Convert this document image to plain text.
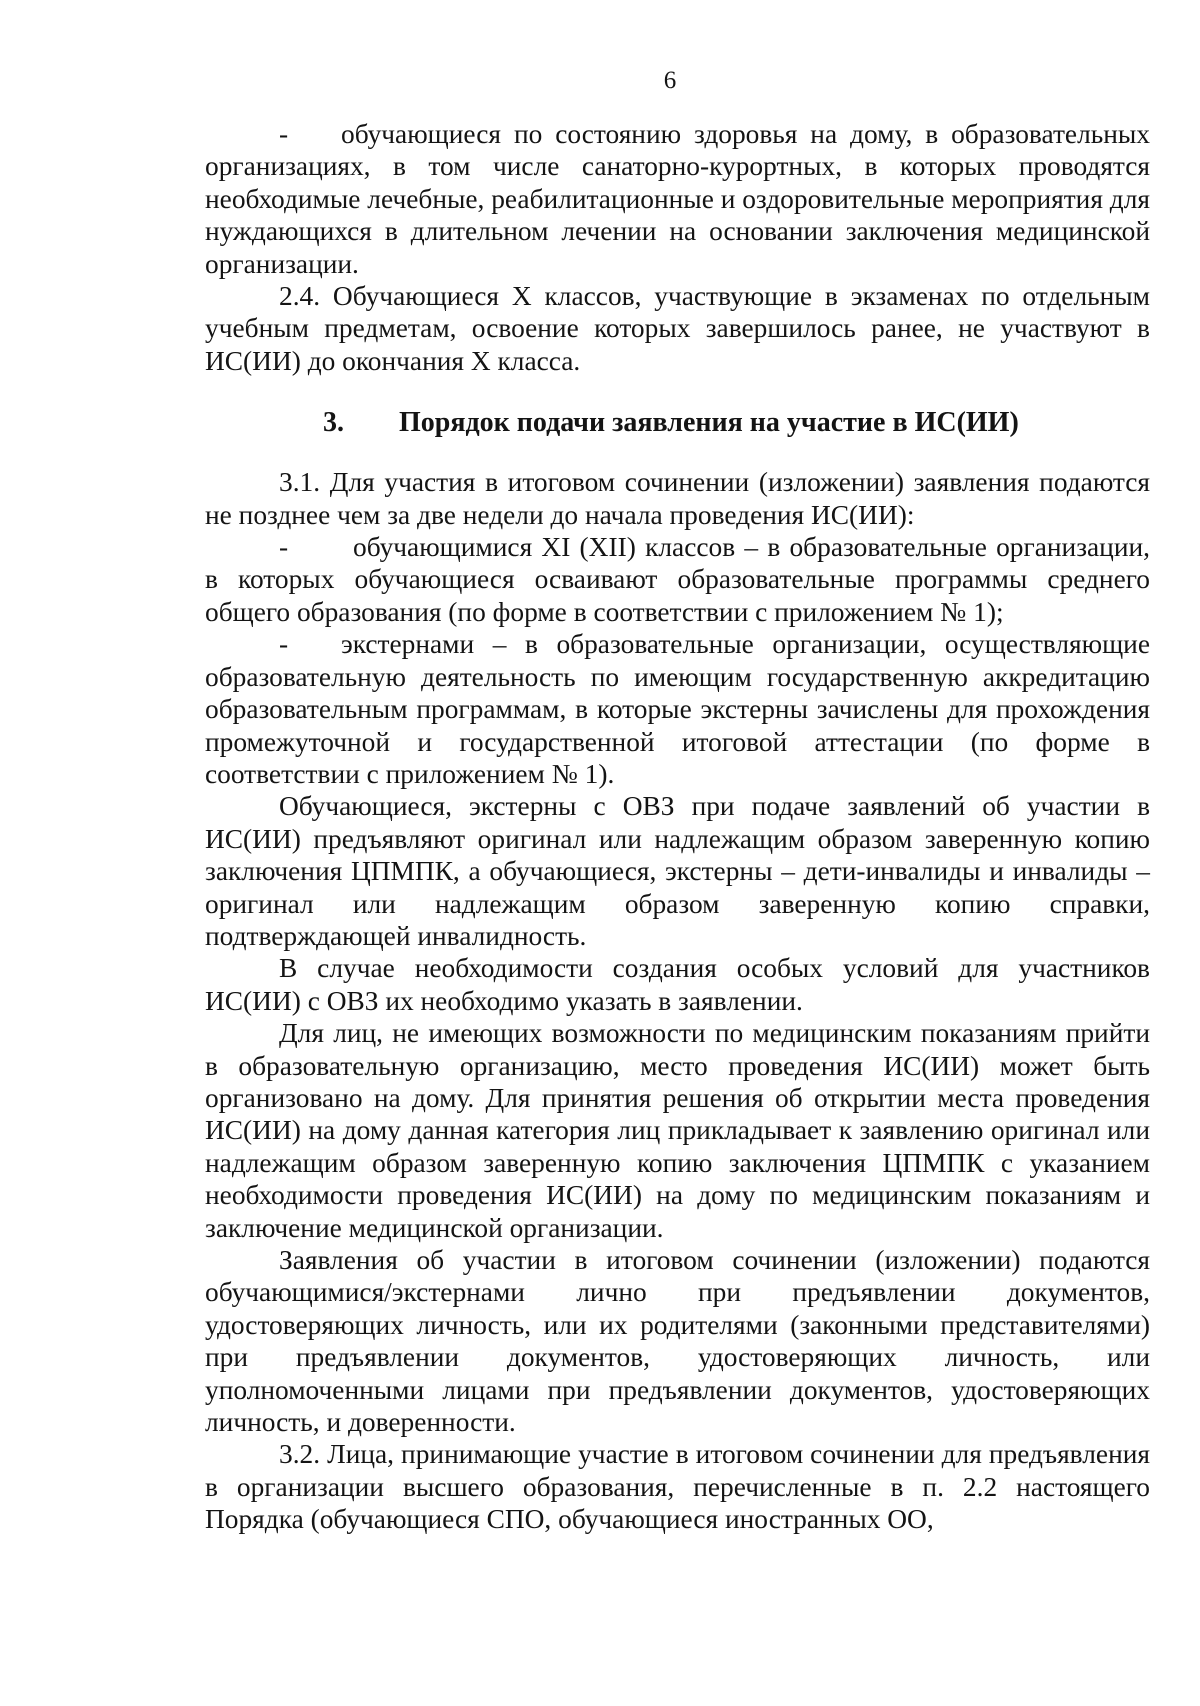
6

- обучающиеся по состоянию здоровья на дому, в образовательных организациях, в том числе санаторно-курортных, в которых проводятся необходимые лечебные, реабилитационные и оздоровительные мероприятия для нуждающихся в длительном лечении на основании заключения медицинской организации.

2.4. Обучающиеся X классов, участвующие в экзаменах по отдельным учебным предметам, освоение которых завершилось ранее, не участвуют в ИС(ИИ) до окончания X класса.

3. Порядок подачи заявления на участие в ИС(ИИ)

3.1. Для участия в итоговом сочинении (изложении) заявления подаются не позднее чем за две недели до начала проведения ИС(ИИ):

- обучающимися XI (XII) классов – в образовательные организации, в которых обучающиеся осваивают образовательные программы среднего общего образования (по форме в соответствии с приложением № 1);

- экстернами – в образовательные организации, осуществляющие образовательную деятельность по имеющим государственную аккредитацию образовательным программам, в которые экстерны зачислены для прохождения промежуточной и государственной итоговой аттестации (по форме в соответствии с приложением № 1).

Обучающиеся, экстерны с ОВЗ при подаче заявлений об участии в ИС(ИИ) предъявляют оригинал или надлежащим образом заверенную копию заключения ЦПМПК, а обучающиеся, экстерны – дети-инвалиды и инвалиды – оригинал или надлежащим образом заверенную копию справки, подтверждающей инвалидность.

В случае необходимости создания особых условий для участников ИС(ИИ) с ОВЗ их необходимо указать в заявлении.

Для лиц, не имеющих возможности по медицинским показаниям прийти в образовательную организацию, место проведения ИС(ИИ) может быть организовано на дому. Для принятия решения об открытии места проведения ИС(ИИ) на дому данная категория лиц прикладывает к заявлению оригинал или надлежащим образом заверенную копию заключения ЦПМПК с указанием необходимости проведения ИС(ИИ) на дому по медицинским показаниям и заключение медицинской организации.

Заявления об участии в итоговом сочинении (изложении) подаются обучающимися/экстернами лично при предъявлении документов, удостоверяющих личность, или их родителями (законными представителями) при предъявлении документов, удостоверяющих личность, или уполномоченными лицами при предъявлении документов, удостоверяющих личность, и доверенности.

3.2. Лица, принимающие участие в итоговом сочинении для предъявления в организации высшего образования, перечисленные в п. 2.2 настоящего Порядка (обучающиеся СПО, обучающиеся иностранных ОО,
